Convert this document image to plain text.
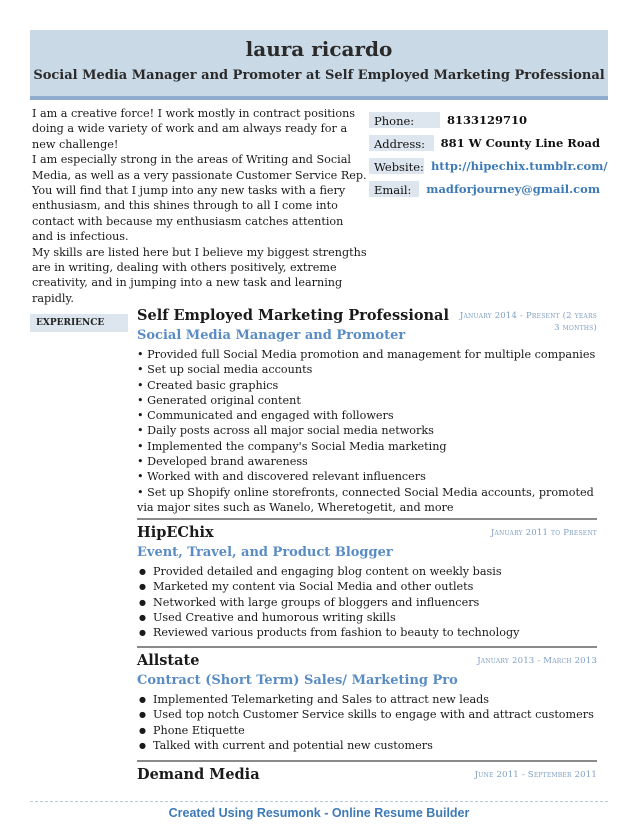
laura ricardo
Social Media Manager and Promoter at Self Employed Marketing Professional

I am a creative force! I work mostly in contract positions doing a wide variety of work and am always ready for a new challenge!

I am especially strong in the areas of Writing and Social Media, as well as a very passionate Customer Service Rep. You will find that I jump into any new tasks with a fiery enthusiasm, and this shines through to all I come into contact with because my enthusiasm catches attention and is infectious.

My skills are listed here but I believe my biggest strengths are in writing, dealing with others positively, extreme creativity, and in jumping into a new task and learning rapidly.

Phone:	8133129710
Address:	881 W County Line Road
Website: http://hipechix.tumblr.com/
Email:	madforjourney@gmail.com
EXPERIENCE	Self Employed Marketing Professional	January 2014 - Present (2 years
3 months)
Social Media Manager and Promoter
• Provided full Social Media promotion and management for multiple companies
• Set up social media accounts
• Created basic graphics
• Generated original content
• Communicated and engaged with followers
• Daily posts across all major social media networks
• Implemented the company's Social Media marketing
• Developed brand awareness
• Worked with and discovered relevant influencers
• Set up Shopify online storefronts, connected Social Media accounts, promoted via major sites such as Wanelo, Wheretogetit, and more
HipEChix	January 2011 to Present
Event, Travel, and Product Blogger
● Provided detailed and engaging blog content on weekly basis
● Marketed my content via Social Media and other outlets
● Networked with large groups of bloggers and influencers
● Used Creative and humorous writing skills
● Reviewed various products from fashion to beauty to technology
Allstate	January 2013 - March 2013
Contract (Short Term) Sales/ Marketing Pro
● Implemented Telemarketing and Sales to attract new leads
● Used top notch Customer Service skills to engage with and attract customers
● Phone Etiquette
● Talked with current and potential new customers
Demand Media	June 2011 - September 2011
Created Using Resumonk - Online Resume Builder
